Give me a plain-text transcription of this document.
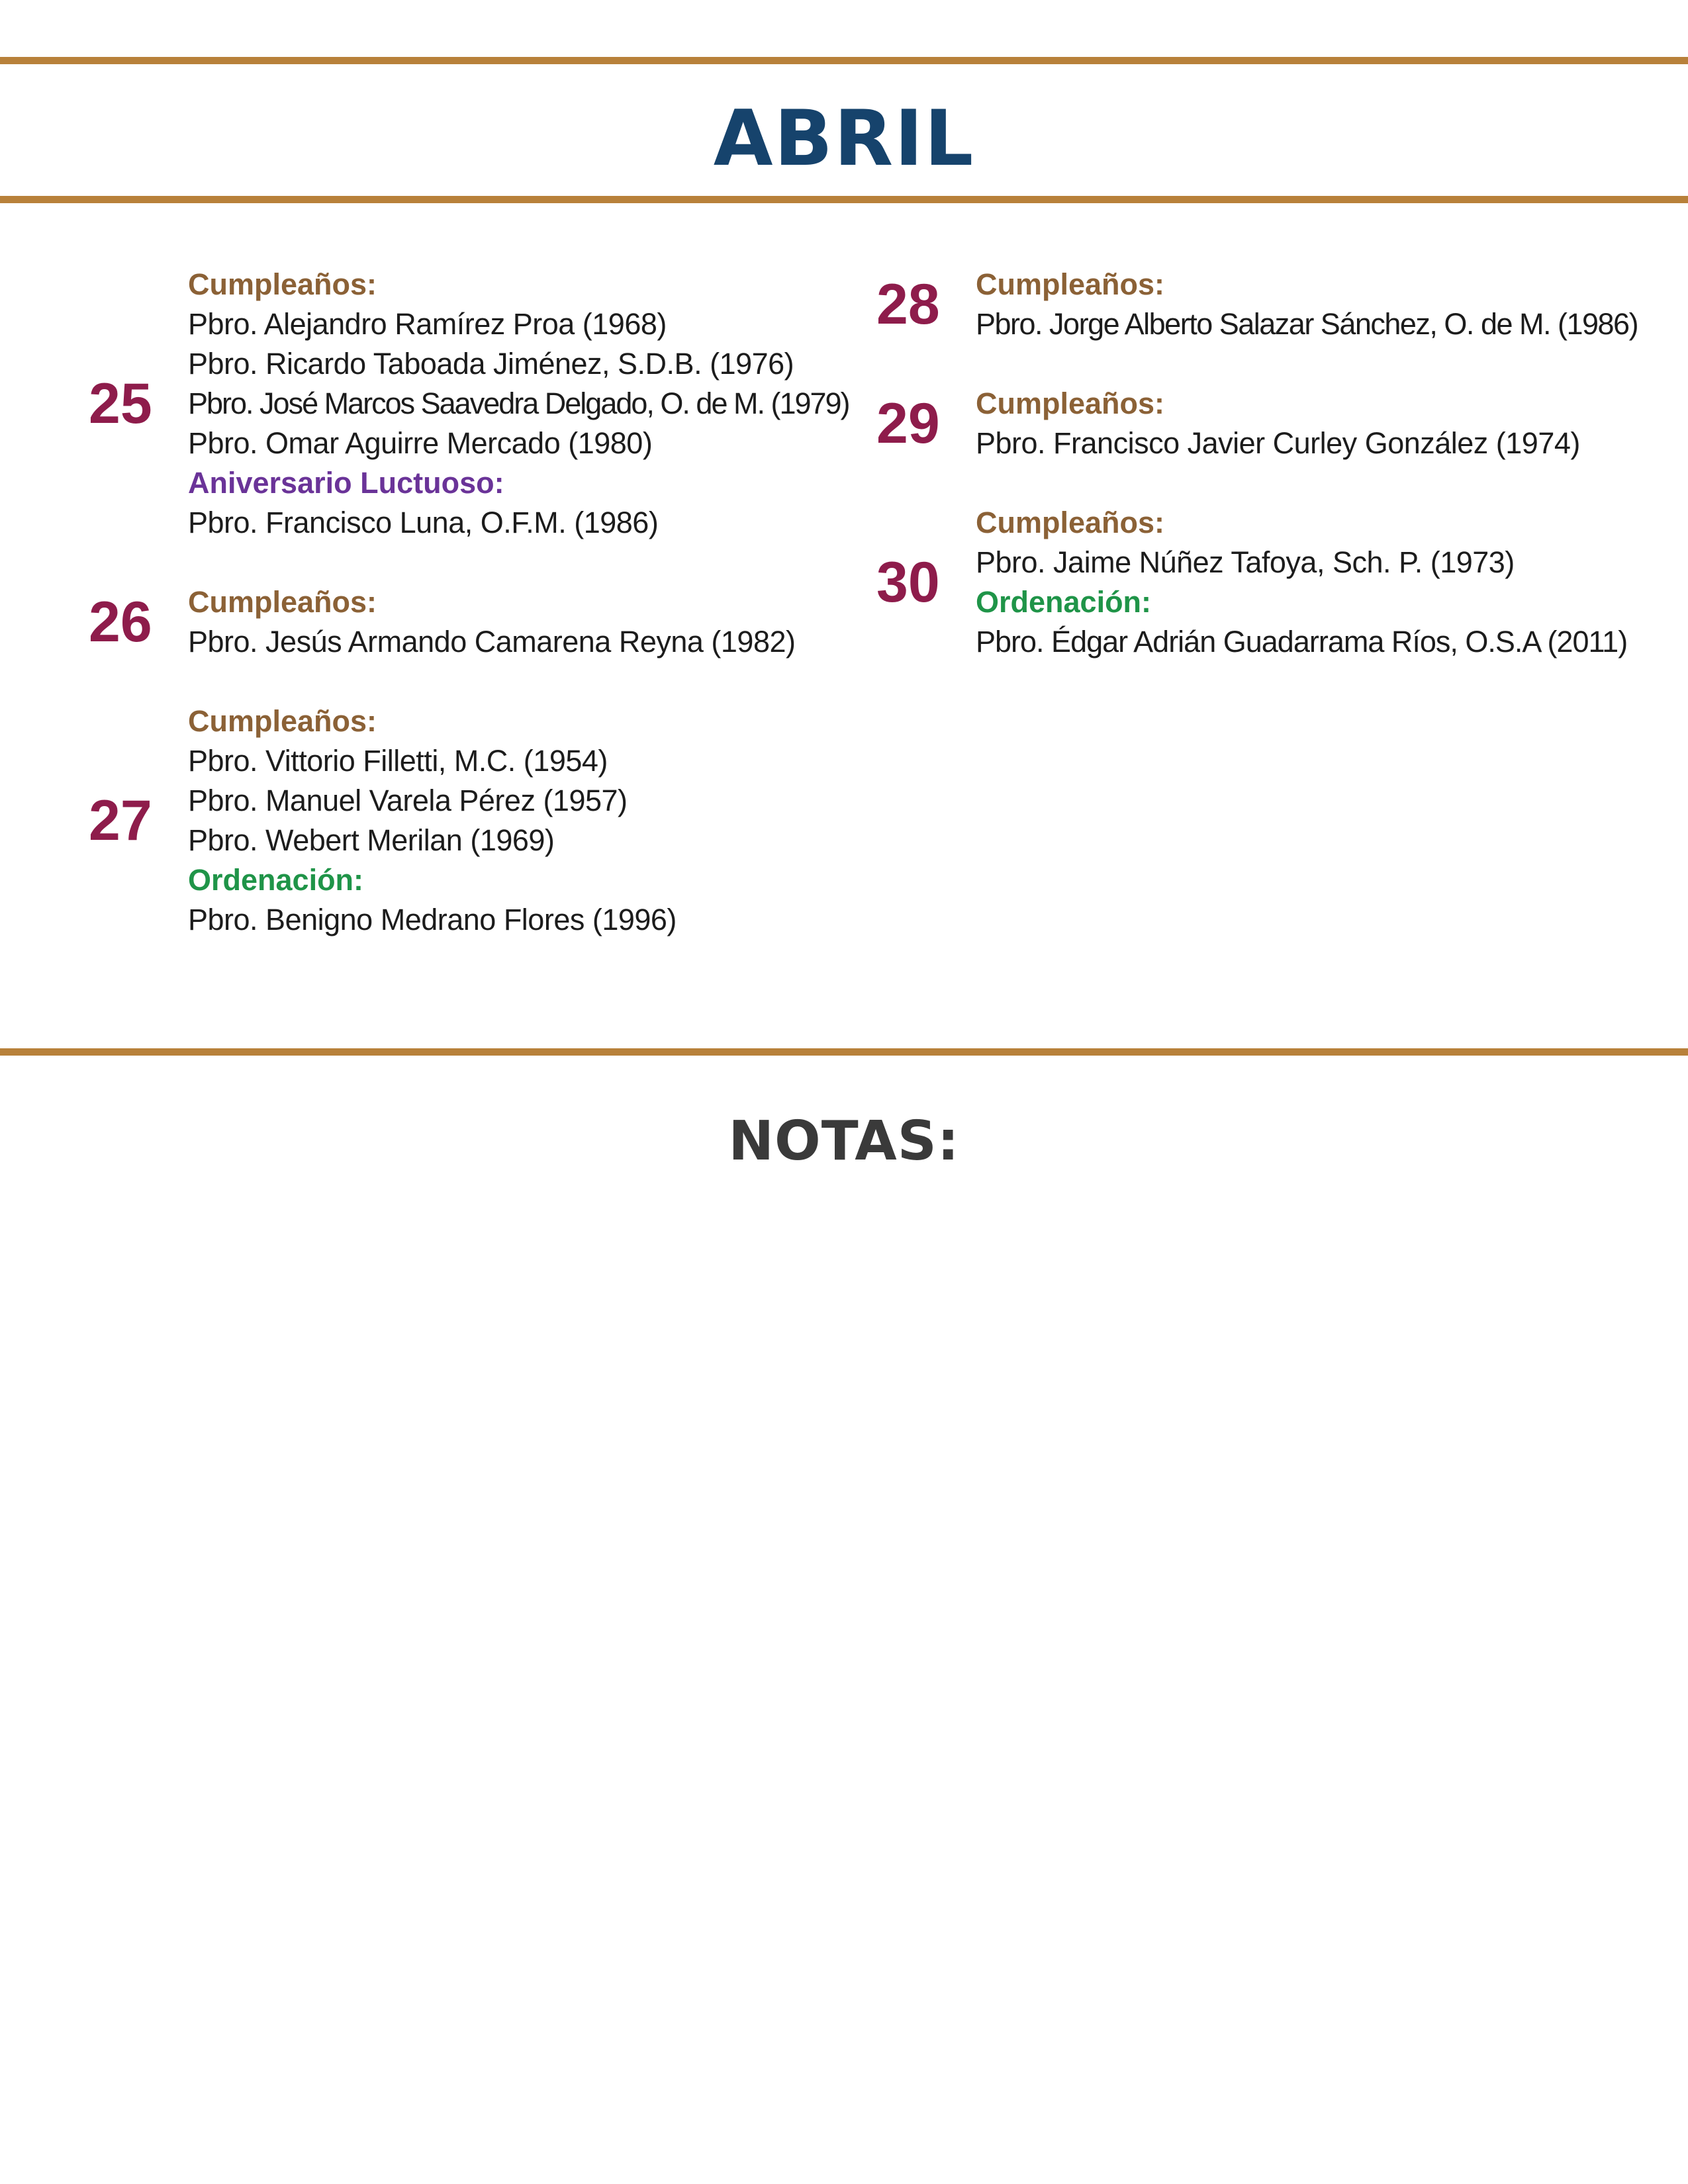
ABRIL
25
Cumpleaños:
Pbro. Alejandro Ramírez Proa (1968)
Pbro. Ricardo Taboada Jiménez, S.D.B. (1976)
Pbro. José Marcos Saavedra Delgado, O. de M. (1979)
Pbro. Omar Aguirre Mercado (1980)
Aniversario Luctuoso:
Pbro. Francisco Luna, O.F.M. (1986)
26	Cumpleaños:
Pbro. Jesús Armando Camarena Reyna (1982)
27
Cumpleaños:
Pbro. Vittorio Filletti, M.C. (1954)
Pbro. Manuel Varela Pérez (1957)
Pbro. Webert Merilan (1969)
Ordenación:
Pbro. Benigno Medrano Flores (1996)
28	Cumpleaños:
Pbro. Jorge Alberto Salazar Sánchez, O. de M. (1986)
29	Cumpleaños:
Pbro. Francisco Javier Curley González (1974)
30
Cumpleaños:
Pbro. Jaime Núñez Tafoya, Sch. P. (1973)
Ordenación:
Pbro. Édgar Adrián Guadarrama Ríos, O.S.A (2011)
NOTAS:
